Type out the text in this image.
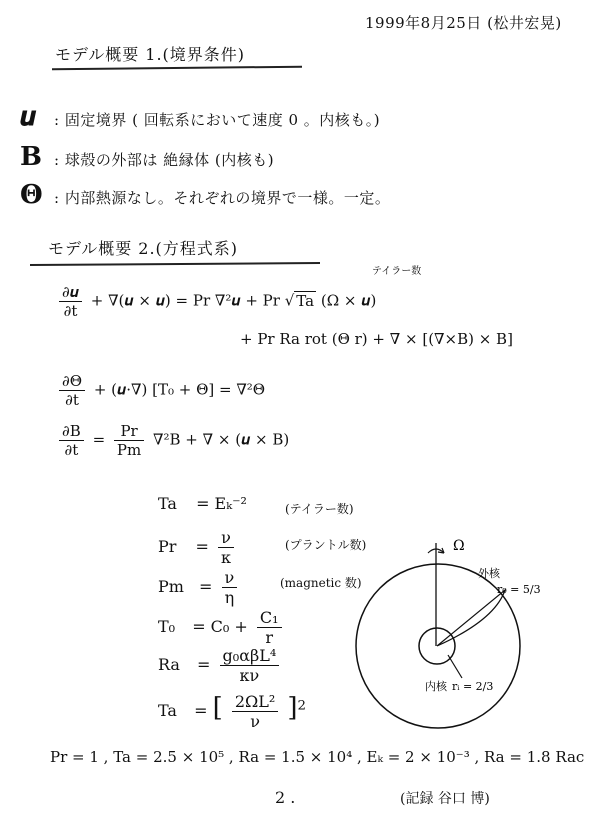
1999年8月25日 (松井宏晃)
モデル概要 1.(境界条件)
𝒖 : 固定境界 ( 回転系において速度 0 。内核も。)
B : 球殻の外部は 絶縁体 (内核も)
Θ : 内部熱源なし。それぞれの境界で一様。一定。
モデル概要 2.(方程式系)
テイラー数
$\frac{\text{∂𝒖}}{\partial t}$ + ∇(𝒖 × 𝒖) = Pr ∇²𝒖 + Pr √ Ta (Ω × 𝒖)
+ Pr Ra rot (Θ r) + ∇ × [(∇×B) × B]
$\frac{\partial\Theta}{\partial t}$ + (𝒖·∇) [T₀ + Θ] = ∇²Θ
$\frac{\partial B}{\partial t} = \frac{Pr}{Pm} \nabla^2B$ + ∇ × (𝒖 × B)
Ta = Eₖ⁻²	(テイラー数)
$Pr = \frac{\nu}{\kappa}$	(プラントル数)
$Pm = \frac{\nu}{\eta}$	(magnetic 数)
$T_0 = C_0 + \frac{\text{C₁}}{r}$
$Ra = \frac{\text{g₀αβL⁴}}{\kappa\nu}$
Ta = [ $\frac{\text{2ΩL²}}{\nu} ]^2$
Ω
外核
r₀ = 5/3
内核 rᵢ = 2/3
Pr = 1 , Ta = 2.5 × 10⁵ , Ra = 1.5 × 10⁴ , Eₖ = 2 × 10⁻³ , Ra = 1.8 Rac
2 .	(記録 谷口 博)
